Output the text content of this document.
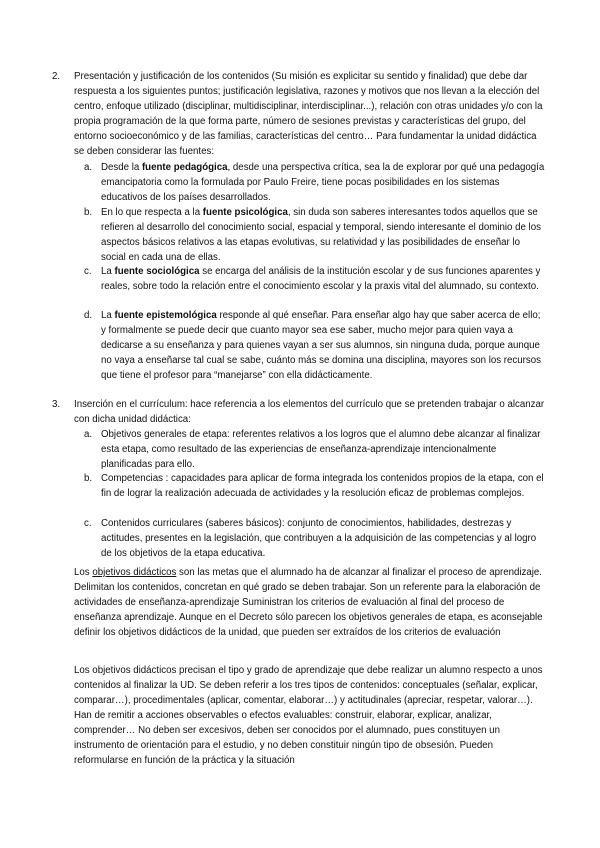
2.	Presentación y justificación de los contenidos (Su misión es explicitar su sentido y finalidad) que debe dar respuesta a los siguientes puntos; justificación legislativa, razones y motivos que nos llevan a la elección del centro, enfoque utilizado (disciplinar, multidisciplinar, interdisciplinar...), relación con otras unidades y/o con la propia programación de la que forma parte, número de sesiones previstas y características del grupo, del entorno socioeconómico y de las familias, características del centro… Para fundamentar la unidad didáctica se deben considerar las fuentes:
a. Desde la fuente pedagógica, desde una perspectiva crítica, sea la de explorar por qué una pedagogía emancipatoria como la formulada por Paulo Freire, tiene pocas posibilidades en los sistemas educativos de los países desarrollados.
b. En lo que respecta a la fuente psicológica, sin duda son saberes interesantes todos aquellos que se refieren al desarrollo del conocimiento social, espacial y temporal, siendo interesante el dominio de los aspectos básicos relativos a las etapas evolutivas, su relatividad y las posibilidades de enseñar lo social en cada una de ellas.
c. La fuente sociológica se encarga del análisis de la institución escolar y de sus funciones aparentes y reales, sobre todo la relación entre el conocimiento escolar y la praxis vital del alumnado, su contexto.
d. La fuente epistemológica responde al qué enseñar. Para enseñar algo hay que saber acerca de ello; y formalmente se puede decir que cuanto mayor sea ese saber, mucho mejor para quien vaya a dedicarse a su enseñanza y para quienes vayan a ser sus alumnos, sin ninguna duda, porque aunque no vaya a enseñarse tal cual se sabe, cuánto más se domina una disciplina, mayores son los recursos que tiene el profesor para “manejarse” con ella didácticamente.
3.	Inserción en el currículum: hace referencia a los elementos del currículo que se pretenden trabajar o alcanzar con dicha unidad didáctica:
a. Objetivos generales de etapa: referentes relativos a los logros que el alumno debe alcanzar al finalizar esta etapa, como resultado de las experiencias de enseñanza-aprendizaje intencionalmente planificadas para ello.
b. Competencias : capacidades para aplicar de forma integrada los contenidos propios de la etapa, con el fin de lograr la realización adecuada de actividades y la resolución eficaz de problemas complejos.
c. Contenidos curriculares (saberes básicos): conjunto de conocimientos, habilidades, destrezas y actitudes, presentes en la legislación, que contribuyen a la adquisición de las competencias y al logro de los objetivos de la etapa educativa.
Los objetivos didácticos son las metas que el alumnado ha de alcanzar al finalizar el proceso de aprendizaje. Delimitan los contenidos, concretan en qué grado se deben trabajar. Son un referente para la elaboración de actividades de enseñanza-aprendizaje Suministran los criterios de evaluación al final del proceso de enseñanza aprendizaje. Aunque en el Decreto sólo parecen los objetivos generales de etapa, es aconsejable definir los objetivos didácticos de la unidad, que pueden ser extraídos de los criterios de evaluación
Los objetivos didácticos precisan el tipo y grado de aprendizaje que debe realizar un alumno respecto a unos contenidos al finalizar la UD. Se deben referir a los tres tipos de contenidos: conceptuales (señalar, explicar, comparar…), procedimentales (aplicar, comentar, elaborar…) y actitudinales (apreciar, respetar, valorar…). Han de remitir a acciones observables o efectos evaluables: construir, elaborar, explicar, analizar, comprender… No deben ser excesivos, deben ser conocidos por el alumnado, pues constituyen un instrumento de orientación para el estudio, y no deben constituir ningún tipo de obsesión. Pueden reformularse en función de la práctica y la situación
